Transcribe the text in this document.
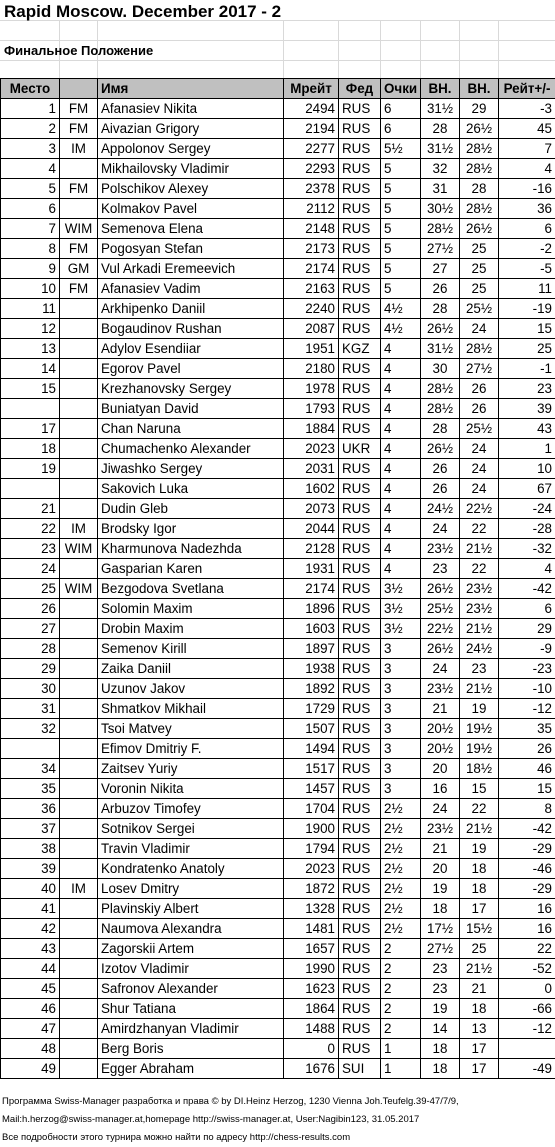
Rapid Moscow. December 2017 - 2
Финальное Положение
Место		Имя	Мрейт	Фед	Очки	ВН.	ВН.	Рейт+/-
1	FM	Afanasiev Nikita	2494	RUS	6	31½	29	-3
2	FM	Aivazian Grigory	2194	RUS	6	28	26½	45
3	IM	Appolonov Sergey	2277	RUS	5½	31½	28½	7
4		Mikhailovsky Vladimir	2293	RUS	5	32	28½	4
5	FM	Polschikov Alexey	2378	RUS	5	31	28	-16
6		Kolmakov Pavel	2112	RUS	5	30½	28½	36
7	WIM	Semenova Elena	2148	RUS	5	28½	26½	6
8	FM	Pogosyan Stefan	2173	RUS	5	27½	25	-2
9	GM	Vul Arkadi Eremeevich	2174	RUS	5	27	25	-5
10	FM	Afanasiev Vadim	2163	RUS	5	26	25	11
11		Arkhipenko Daniil	2240	RUS	4½	28	25½	-19
12		Bogaudinov Rushan	2087	RUS	4½	26½	24	15
13		Adylov Esendiiar	1951	KGZ	4	31½	28½	25
14		Egorov Pavel	2180	RUS	4	30	27½	-1
15		Krezhanovsky Sergey	1978	RUS	4	28½	26	23
		Buniatyan David	1793	RUS	4	28½	26	39
17		Chan Naruna	1884	RUS	4	28	25½	43
18		Chumachenko Alexander	2023	UKR	4	26½	24	1
19		Jiwashko Sergey	2031	RUS	4	26	24	10
		Sakovich Luka	1602	RUS	4	26	24	67
21		Dudin Gleb	2073	RUS	4	24½	22½	-24
22	IM	Brodsky Igor	2044	RUS	4	24	22	-28
23	WIM	Kharmunova Nadezhda	2128	RUS	4	23½	21½	-32
24		Gasparian Karen	1931	RUS	4	23	22	4
25	WIM	Bezgodova Svetlana	2174	RUS	3½	26½	23½	-42
26		Solomin Maxim	1896	RUS	3½	25½	23½	6
27		Drobin Maxim	1603	RUS	3½	22½	21½	29
28		Semenov Kirill	1897	RUS	3	26½	24½	-9
29		Zaika Daniil	1938	RUS	3	24	23	-23
30		Uzunov Jakov	1892	RUS	3	23½	21½	-10
31		Shmatkov Mikhail	1729	RUS	3	21	19	-12
32		Tsoi Matvey	1507	RUS	3	20½	19½	35
		Efimov Dmitriy F.	1494	RUS	3	20½	19½	26
34		Zaitsev Yuriy	1517	RUS	3	20	18½	46
35		Voronin Nikita	1457	RUS	3	16	15	15
36		Arbuzov Timofey	1704	RUS	2½	24	22	8
37		Sotnikov Sergei	1900	RUS	2½	23½	21½	-42
38		Travin Vladimir	1794	RUS	2½	21	19	-29
39		Kondratenko Anatoly	2023	RUS	2½	20	18	-46
40	IM	Losev Dmitry	1872	RUS	2½	19	18	-29
41		Plavinskiy Albert	1328	RUS	2½	18	17	16
42		Naumova Alexandra	1481	RUS	2½	17½	15½	16
43		Zagorskii Artem	1657	RUS	2	27½	25	22
44		Izotov Vladimir	1990	RUS	2	23	21½	-52
45		Safronov Alexander	1623	RUS	2	23	21	0
46		Shur Tatiana	1864	RUS	2	19	18	-66
47		Amirdzhanyan Vladimir	1488	RUS	2	14	13	-12
48		Berg Boris	0	RUS	1	18	17	
49		Egger Abraham	1676	SUI	1	18	17	-49
Программа Swiss-Manager разработка и права © by DI.Heinz Herzog, 1230 Vienna Joh.Teufelg.39-47/7/9,
Mail:h.herzog@swiss-manager.at,homepage http://swiss-manager.at, User:Nagibin123, 31.05.2017
Все подробности этого турнира можно найти по адресу http://chess-results.com
